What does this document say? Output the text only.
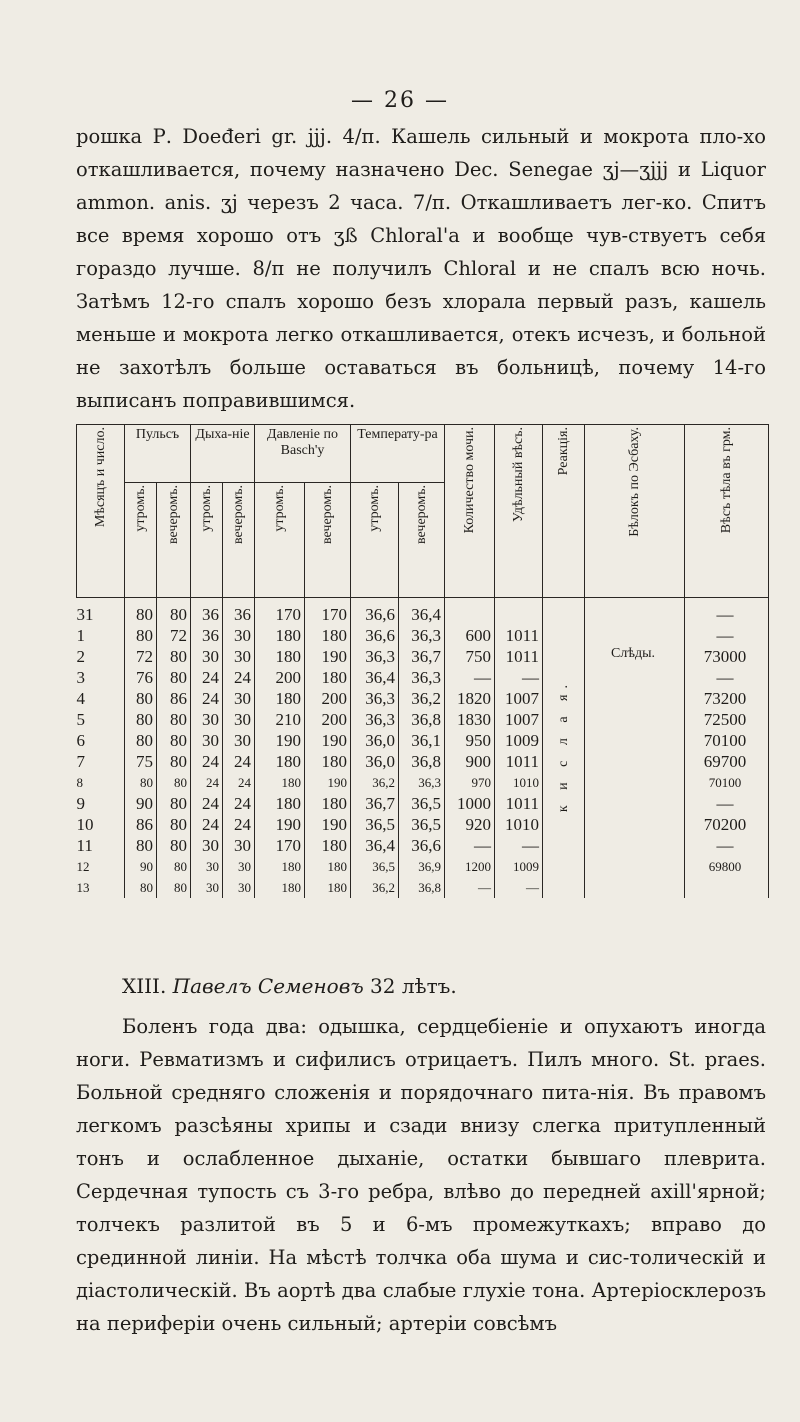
— 26 —

рошка Р. Doeđeri gr. jjj. 4/п. Кашель сильный и мокрота пло-хо откашливается, почему назначено Dec. Senegae ʒj—ʒjjj и Liquor ammon. anis. ʒj черезъ 2 часа. 7/п. Откашливаетъ лег-ко. Спитъ все время хорошо отъ ʒß Chloral'а и вообще чув-ствуетъ себя гораздо лучше. 8/п не получилъ Chloral и не спалъ всю ночь. Затѣмъ 12-го спалъ хорошо безъ хлорала первый разъ, кашель меньше и мокрота легко откашливается, отекъ исчезъ, и больной не захотѣлъ больше оставаться въ больницѣ, почему 14-го выписанъ поправившимся.

Мѣсяцъ и число.	Пульсъ		Дыха-ніе		Давленіе по Basch'у		Температу-ра		Количество мочи.	Удѣльный вѣсъ.	Реакція.	Бѣлокъ по Эсбаху.	Вѣсъ тѣла въ грм.
	утромъ.	вечеромъ.	утромъ.	вечеромъ.	утромъ.	вечеромъ.	утромъ.	вечеромъ.					
31	80	80	36	36	170	170	36,6	36,4			к и с л а я.	Слѣды.	—
1	80	72	36	30	180	180	36,6	36,3	600	1011			—
2	72	80	30	30	180	190	36,3	36,7	750	1011			73000
3	76	80	24	24	200	180	36,4	36,3	—	—			—
4	80	86	24	30	180	200	36,3	36,2	1820	1007			73200
5	80	80	30	30	210	200	36,3	36,8	1830	1007			72500
6	80	80	30	30	190	190	36,0	36,1	950	1009			70100
7	75	80	24	24	180	180	36,0	36,8	900	1011			69700
8	80	80	24	24	180	190	36,2	36,3	970	1010			70100
9	90	80	24	24	180	180	36,7	36,5	1000	1011			—
10	86	80	24	24	190	190	36,5	36,5	920	1010			70200
11	80	80	30	30	170	180	36,4	36,6	—	—			—
12	90	80	30	30	180	180	36,5	36,9	1200	1009			69800
13	80	80	30	30	180	180	36,2	36,8	—	—			
XIII. Павелъ Семеновъ 32 лѣтъ.

Боленъ года два: одышка, сердцебіеніе и опухаютъ иногда ноги. Ревматизмъ и сифилисъ отрицаетъ. Пилъ много. St. praes. Больной средняго сложенія и порядочнаго пита-нія. Въ правомъ легкомъ разсѣяны хрипы и сзади внизу слегка притупленный тонъ и ослабленное дыханіе, остатки бывшаго плеврита. Сердечная тупость съ 3-го ребра, влѣво до передней axill'ярной; толчекъ разлитой въ 5 и 6-мъ промежуткахъ; вправо до срединной линіи. На мѣстѣ толчка оба шума и сис-толическій и діастолическій. Въ аортѣ два слабые глухіе тона. Артеріосклерозъ на периферіи очень сильный; артеріи совсѣмъ
